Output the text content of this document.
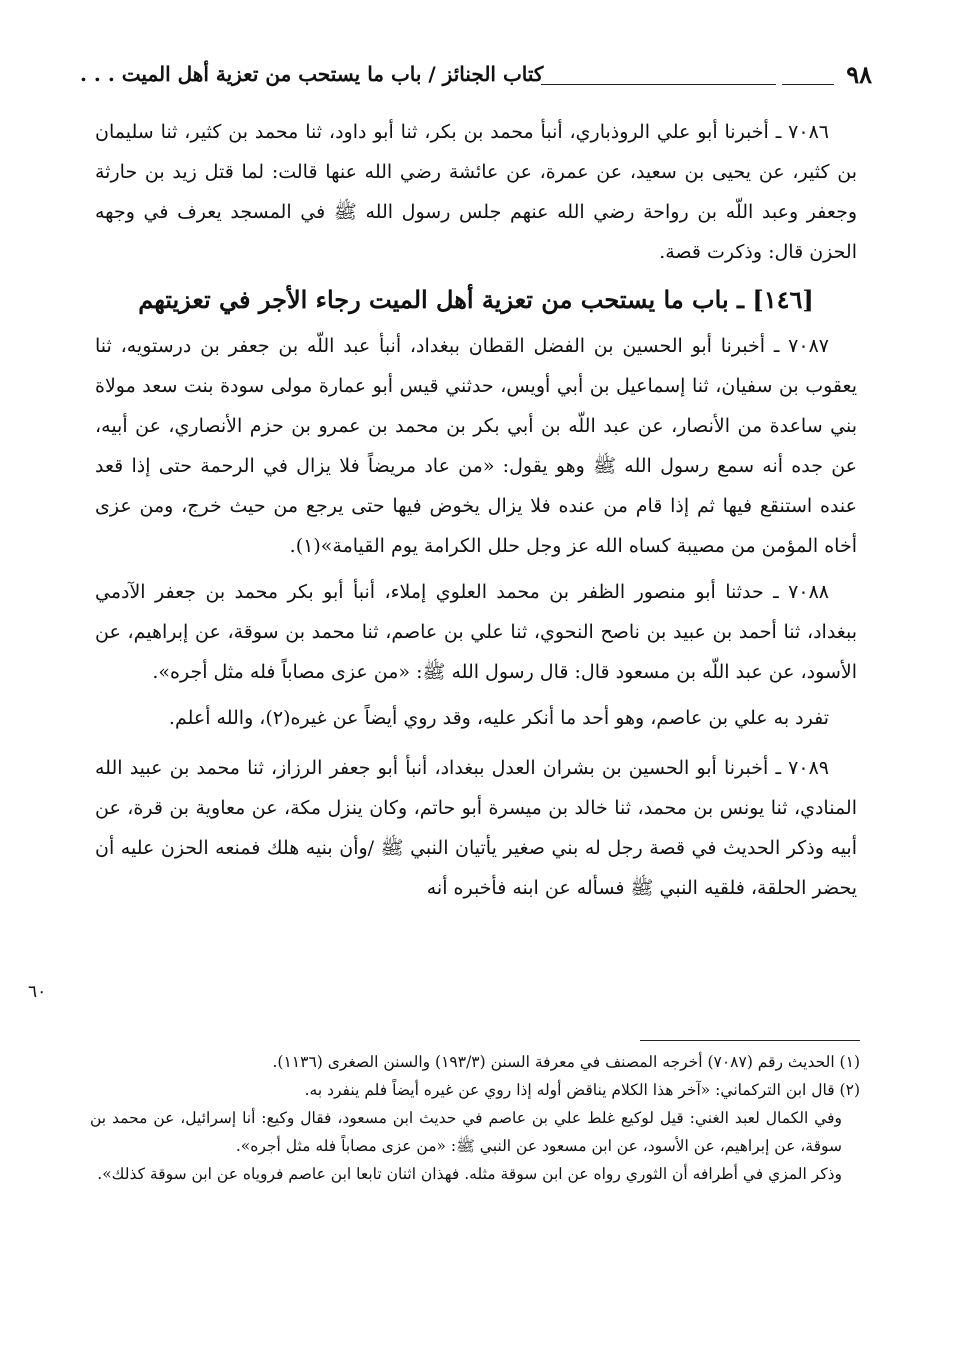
٩٨
كتاب الجنائز / باب ما يستحب من تعزية أهل الميت . . .

٧٠٨٦ ـ أخبرنا أبو علي الروذباري، أنبأ محمد بن بكر، ثنا أبو داود، ثنا محمد بن كثير، ثنا سليمان بن كثير، عن يحيى بن سعيد، عن عمرة، عن عائشة رضي الله عنها قالت: لما قتل زيد بن حارثة وجعفر وعبد اللّه بن رواحة رضي الله عنهم جلس رسول الله ﷺ في المسجد يعرف في وجهه الحزن قال: وذكرت قصة.

[١٤٦] ـ باب ما يستحب من تعزية أهل الميت رجاء الأجر في تعزيتهم

٧٠٨٧ ـ أخبرنا أبو الحسين بن الفضل القطان ببغداد، أنبأ عبد اللّه بن جعفر بن درستويه، ثنا يعقوب بن سفيان، ثنا إسماعيل بن أبي أويس، حدثني قيس أبو عمارة مولى سودة بنت سعد مولاة بني ساعدة من الأنصار، عن عبد اللّه بن أبي بكر بن محمد بن عمرو بن حزم الأنصاري، عن أبيه، عن جده أنه سمع رسول الله ﷺ وهو يقول: «من عاد مريضاً فلا يزال في الرحمة حتى إذا قعد عنده استنقع فيها ثم إذا قام من عنده فلا يزال يخوض فيها حتى يرجع من حيث خرج، ومن عزى أخاه المؤمن من مصيبة كساه الله عز وجل حلل الكرامة يوم القيامة»(١).

٧٠٨٨ ـ حدثنا أبو منصور الظفر بن محمد العلوي إملاء، أنبأ أبو بكر محمد بن جعفر الآدمي ببغداد، ثنا أحمد بن عبيد بن ناصح النحوي، ثنا علي بن عاصم، ثنا محمد بن سوقة، عن إبراهيم، عن الأسود، عن عبد اللّه بن مسعود قال: قال رسول الله ﷺ: «من عزى مصاباً فله مثل أجره».

تفرد به علي بن عاصم، وهو أحد ما أنكر عليه، وقد روي أيضاً عن غيره(٢)، والله أعلم.

٧٠٨٩ ـ أخبرنا أبو الحسين بن بشران العدل ببغداد، أنبأ أبو جعفر الرزاز، ثنا محمد بن عبيد الله المنادي، ثنا يونس بن محمد، ثنا خالد بن ميسرة أبو حاتم، وكان ينزل مكة، عن معاوية بن قرة، عن أبيه وذكر الحديث في قصة رجل له بني صغير يأتيان النبي ﷺ /وأن بنيه هلك فمنعه الحزن عليه أن يحضر الحلقة، فلقيه النبي ﷺ فسأله عن ابنه فأخبره أنه

٦٠

(١) الحديث رقم (٧٠٨٧) أخرجه المصنف في معرفة السنن (١٩٣/٣) والسنن الصغرى (١١٣٦).

(٢) قال ابن التركماني: «آخر هذا الكلام يناقض أوله إذا روي عن غيره أيضاً فلم ينفرد به.

وفي الكمال لعبد الغني: قيل لوكيع غلط علي بن عاصم في حديث ابن مسعود، فقال وكيع: أنا إسرائيل، عن محمد بن سوقة، عن إبراهيم، عن الأسود، عن ابن مسعود عن النبي ﷺ: «من عزى مصاباً فله مثل أجره».

وذكر المزي في أطرافه أن الثوري رواه عن ابن سوقة مثله. فهذان اثنان تابعا ابن عاصم فروياه عن ابن سوقة كذلك».
